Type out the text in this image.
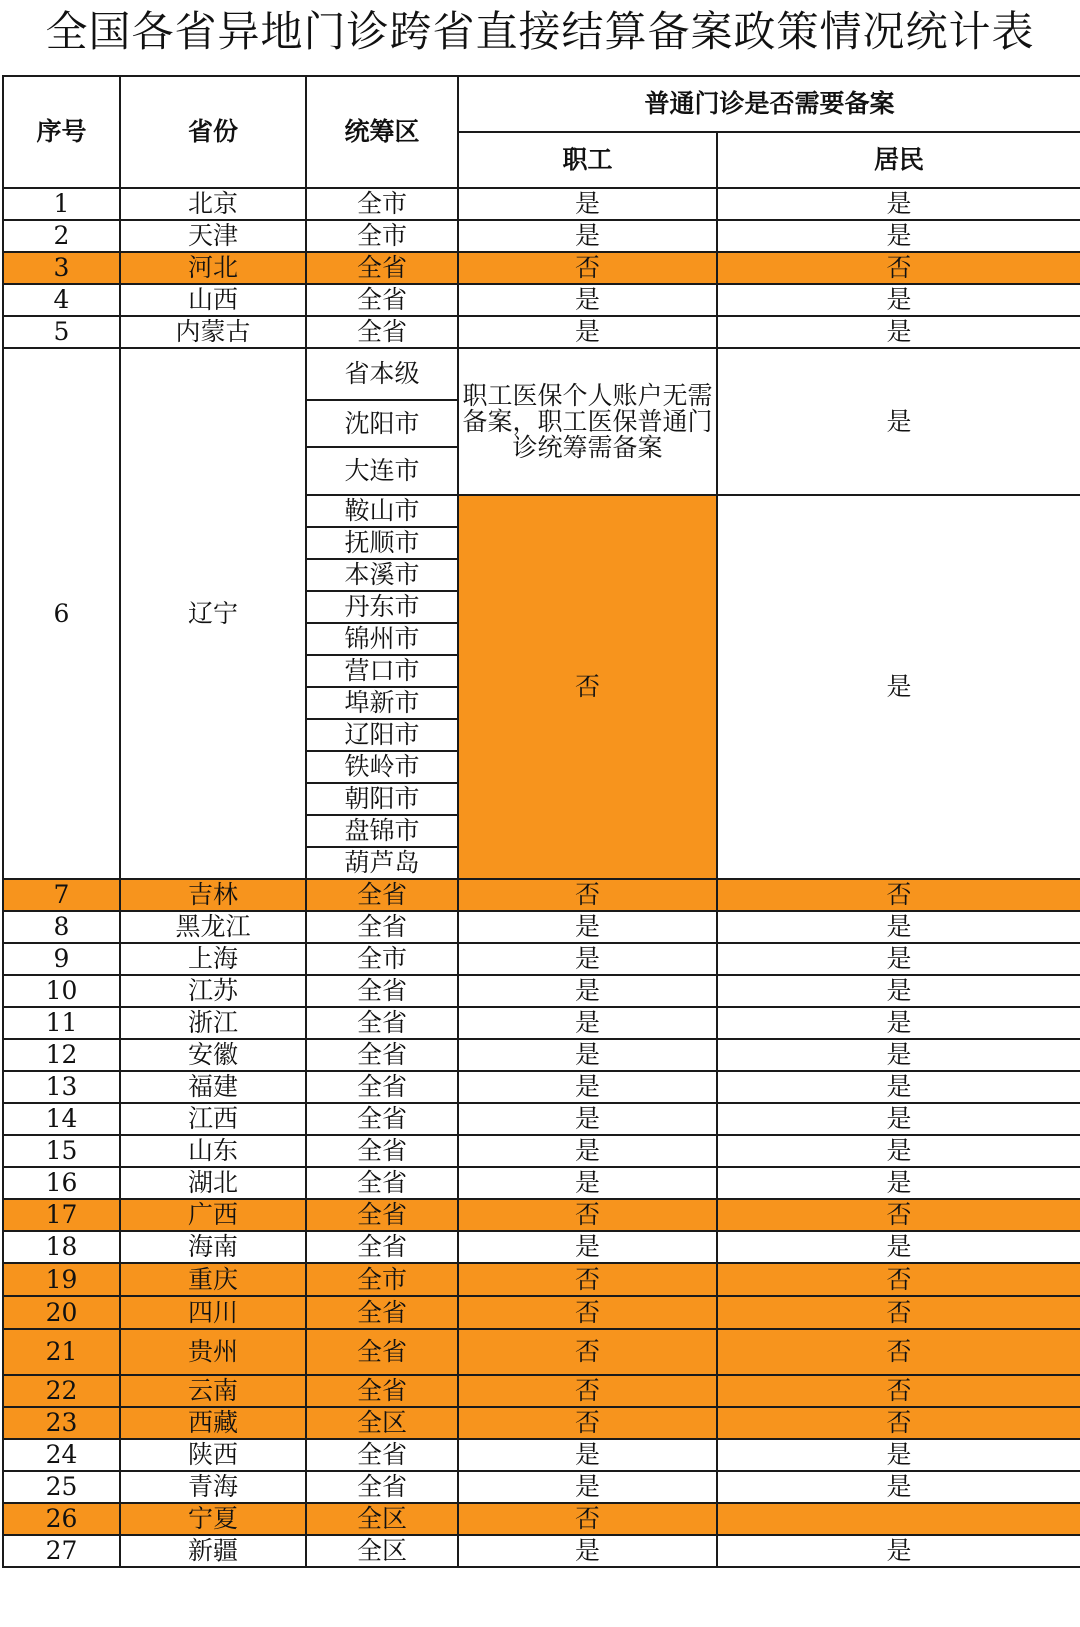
全国各省异地门诊跨省直接结算备案政策情况统计表
序号	省份	统筹区	普通门诊是否需要备案	
			职工	居民
1	北京	全市	是	是
2	天津	全市	是	是
3	河北	全省	否	否
4	山西	全省	是	是
5	内蒙古	全省	是	是
6	辽宁	省本级	职工医保个人账户无需备案，职工医保普通门诊统筹需备案	是
		沈阳市		
		大连市		
		鞍山市	否	是
		抚顺市		
		本溪市		
		丹东市		
		锦州市		
		营口市		
		埠新市		
		辽阳市		
		铁岭市		
		朝阳市		
		盘锦市		
		葫芦岛		
7	吉林	全省	否	否
8	黑龙江	全省	是	是
9	上海	全市	是	是
10	江苏	全省	是	是
11	浙江	全省	是	是
12	安徽	全省	是	是
13	福建	全省	是	是
14	江西	全省	是	是
15	山东	全省	是	是
16	湖北	全省	是	是
17	广西	全省	否	否
18	海南	全省	是	是
19	重庆	全市	否	否
20	四川	全省	否	否
21	贵州	全省	否	否
22	云南	全省	否	否
23	西藏	全区	否	否
24	陕西	全省	是	是
25	青海	全省	是	是
26	宁夏	全区	否	
27	新疆	全区	是	是
泰康同济武汉医院
